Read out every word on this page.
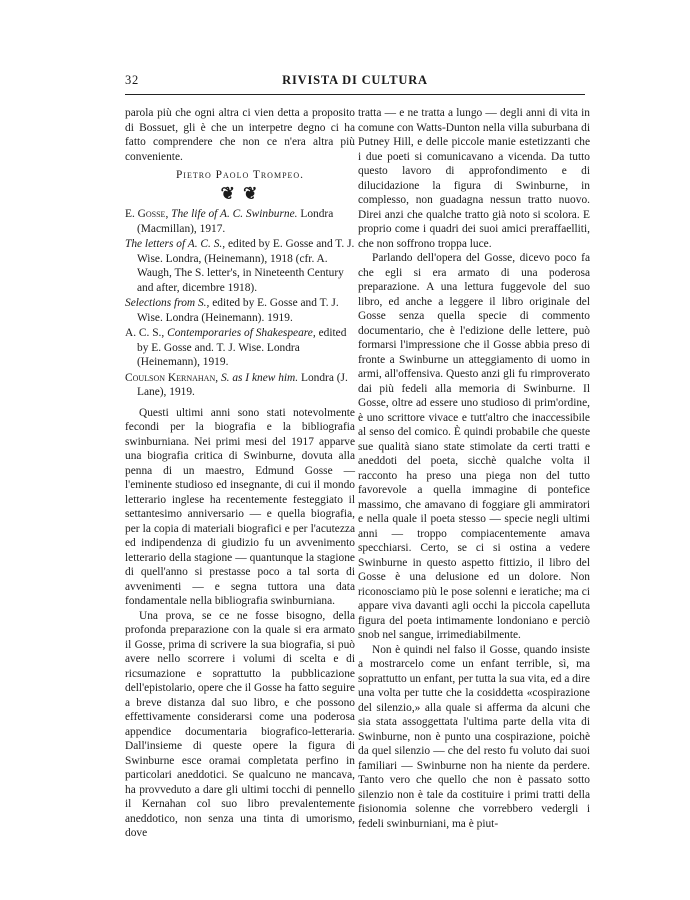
32	RIVISTA DI CULTURA

parola più che ogni altra ci vien detta a proposito di Bossuet, gli è che un interpetre degno ci ha fatto comprendere che non ce n'era altra più conveniente.

Pietro Paolo Trompeo.

❦ ❦

E. Gosse, The life of A. C. Swinburne. Londra (Macmillan), 1917.

The letters of A. C. S., edited by E. Gosse and T. J. Wise. Londra, (Heinemann), 1918 (cfr. A. Waugh, The S. letter's, in Nineteenth Century and after, dicembre 1918).

Selections from S., edited by E. Gosse and T. J. Wise. Londra (Heinemann). 1919.

A. C. S., Contemporaries of Shakespeare, edited by E. Gosse and. T. J. Wise. Londra (Heinemann), 1919.

Coulson Kernahan, S. as I knew him. Londra (J. Lane), 1919.

Questi ultimi anni sono stati notevolmente fecondi per la biografia e la bibliografia swinburniana. Nei primi mesi del 1917 apparve una biografia critica di Swinburne, dovuta alla penna di un maestro, Edmund Gosse — l'eminente studioso ed insegnante, di cui il mondo letterario inglese ha recentemente festeggiato il settantesimo anniversario — e quella biografia, per la copia di materiali biografici e per l'acutezza ed indipendenza di giudizio fu un avvenimento letterario della stagione — quantunque la stagione di quell'anno si prestasse poco a tal sorta di avvenimenti — e segna tuttora una data fondamentale nella bibliografia swinburniana.

Una prova, se ce ne fosse bisogno, della profonda preparazione con la quale si era armato il Gosse, prima di scrivere la sua biografia, si può avere nello scorrere i volumi di scelta e di ricsumazione e soprattutto la pubblicazione dell'epistolario, opere che il Gosse ha fatto seguire a breve distanza dal suo libro, e che possono effettivamente considerarsi come una poderosa appendice documentaria biografico-letteraria. Dall'insieme di queste opere la figura di Swinburne esce oramai completata perfino in particolari aneddotici. Se qualcuno ne mancava, ha provveduto a dare gli ultimi tocchi di pennello il Kernahan col suo libro prevalentemente aneddotico, non senza una tinta di umorismo, dove

tratta — e ne tratta a lungo — degli anni di vita in comune con Watts-Dunton nella villa suburbana di Putney Hill, e delle piccole manie estetizzanti che i due poeti si comunicavano a vicenda. Da tutto questo lavoro di approfondimento e di dilucidazione la figura di Swinburne, in complesso, non guadagna nessun tratto nuovo. Direi anzi che qualche tratto già noto si scolora. E proprio come i quadri dei suoi amici preraffaelliti, che non soffrono troppa luce.

Parlando dell'opera del Gosse, dicevo poco fa che egli si era armato di una poderosa preparazione. A una lettura fuggevole del suo libro, ed anche a leggere il libro originale del Gosse senza quella specie di commento documentario, che è l'edizione delle lettere, può formarsi l'impressione che il Gosse abbia preso di fronte a Swinburne un atteggiamento di uomo in armi, all'offensiva. Questo anzi gli fu rimproverato dai più fedeli alla memoria di Swinburne. Il Gosse, oltre ad essere uno studioso di prim'ordine, è uno scrittore vivace e tutt'altro che inaccessibile al senso del comico. È quindi probabile che queste sue qualità siano state stimolate da certi tratti e aneddoti del poeta, sicchè qualche volta il racconto ha preso una piega non del tutto favorevole a quella immagine di pontefice massimo, che amavano di foggiare gli ammiratori e nella quale il poeta stesso — specie negli ultimi anni — troppo compiacentemente amava specchiarsi. Certo, se ci si ostina a vedere Swinburne in questo aspetto fittizio, il libro del Gosse è una delusione ed un dolore. Non riconosciamo più le pose solenni e ieratiche; ma ci appare viva davanti agli occhi la piccola capelluta figura del poeta intimamente londoniano e perciò snob nel sangue, irrimediabilmente.

Non è quindi nel falso il Gosse, quando insiste a mostrarcelo come un enfant terrible, sì, ma soprattutto un enfant, per tutta la sua vita, ed a dire una volta per tutte che la cosiddetta «cospirazione del silenzio,» alla quale si afferma da alcuni che sia stata assoggettata l'ultima parte della vita di Swinburne, non è punto una cospirazione, poichè da quel silenzio — che del resto fu voluto dai suoi familiari — Swinburne non ha niente da perdere. Tanto vero che quello che non è passato sotto silenzio non è tale da costituire i primi tratti della fisionomia solenne che vorrebbero vedergli i fedeli swinburniani, ma è piut-
